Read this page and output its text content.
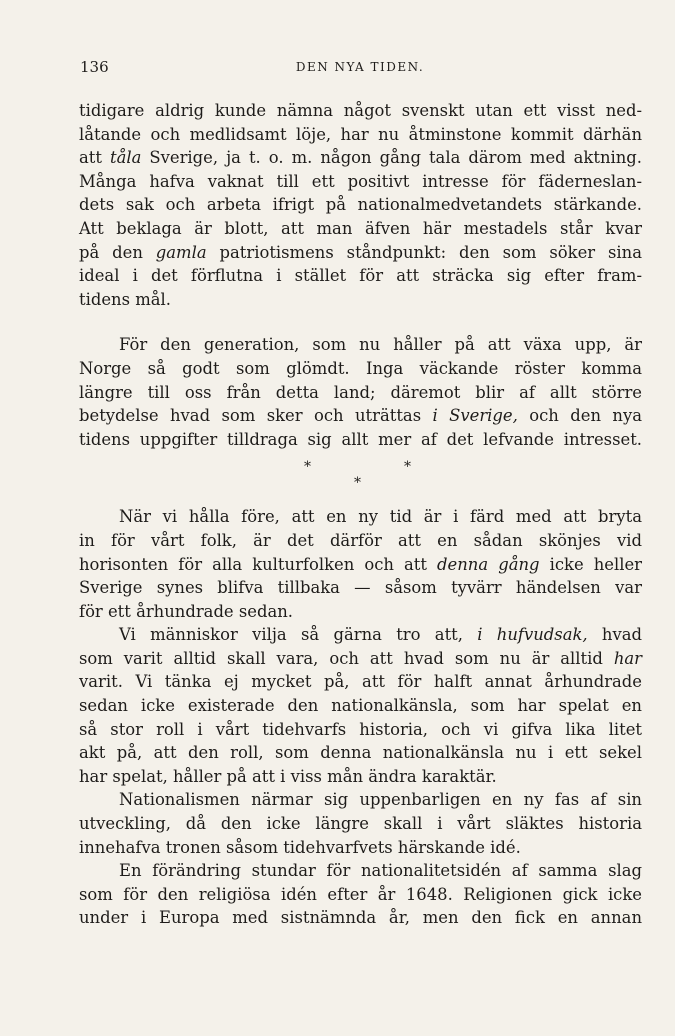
136	DEN NYA TIDEN.
tidigare aldrig kunde nämna något svenskt utan ett visst ned-
låtande och medlidsamt löje, har nu åtminstone kommit därhän
att tåla Sverige, ja t. o. m. någon gång tala därom med aktning.
Många hafva vaknat till ett positivt intresse för fäderneslan-
dets sak och arbeta ifrigt på nationalmedvetandets stärkande.
Att beklaga är blott, att man äfven här mestadels står kvar
på den gamla patriotismens ståndpunkt: den som söker sina
ideal i det förflutna i stället för att sträcka sig efter fram-
tidens mål.
För den generation, som nu håller på att växa upp, är
Norge så godt som glömdt. Inga väckande röster komma
längre till oss från detta land; däremot blir af allt större
betydelse hvad som sker och uträttas i Sverige, och den nya
tidens uppgifter tilldraga sig allt mer af det lefvande intresset.
*	*
*
När vi hålla före, att en ny tid är i färd med att bryta
in för vårt folk, är det därför att en sådan skönjes vid
horisonten för alla kulturfolken och att denna gång icke heller
Sverige synes blifva tillbaka — såsom tyvärr händelsen var
för ett århundrade sedan.
Vi människor vilja så gärna tro att, i hufvudsak, hvad
som varit alltid skall vara, och att hvad som nu är alltid har
varit. Vi tänka ej mycket på, att för halft annat århundrade
sedan icke existerade den nationalkänsla, som har spelat en
så stor roll i vårt tidehvarfs historia, och vi gifva lika litet
akt på, att den roll, som denna nationalkänsla nu i ett sekel
har spelat, håller på att i viss mån ändra karaktär.
Nationalismen närmar sig uppenbarligen en ny fas af sin
utveckling, då den icke längre skall i vårt släktes historia
innehafva tronen såsom tidehvarfvets härskande idé.
En förändring stundar för nationalitetsidén af samma slag
som för den religiösa idén efter år 1648. Religionen gick icke
under i Europa med sistnämnda år, men den fick en annan
